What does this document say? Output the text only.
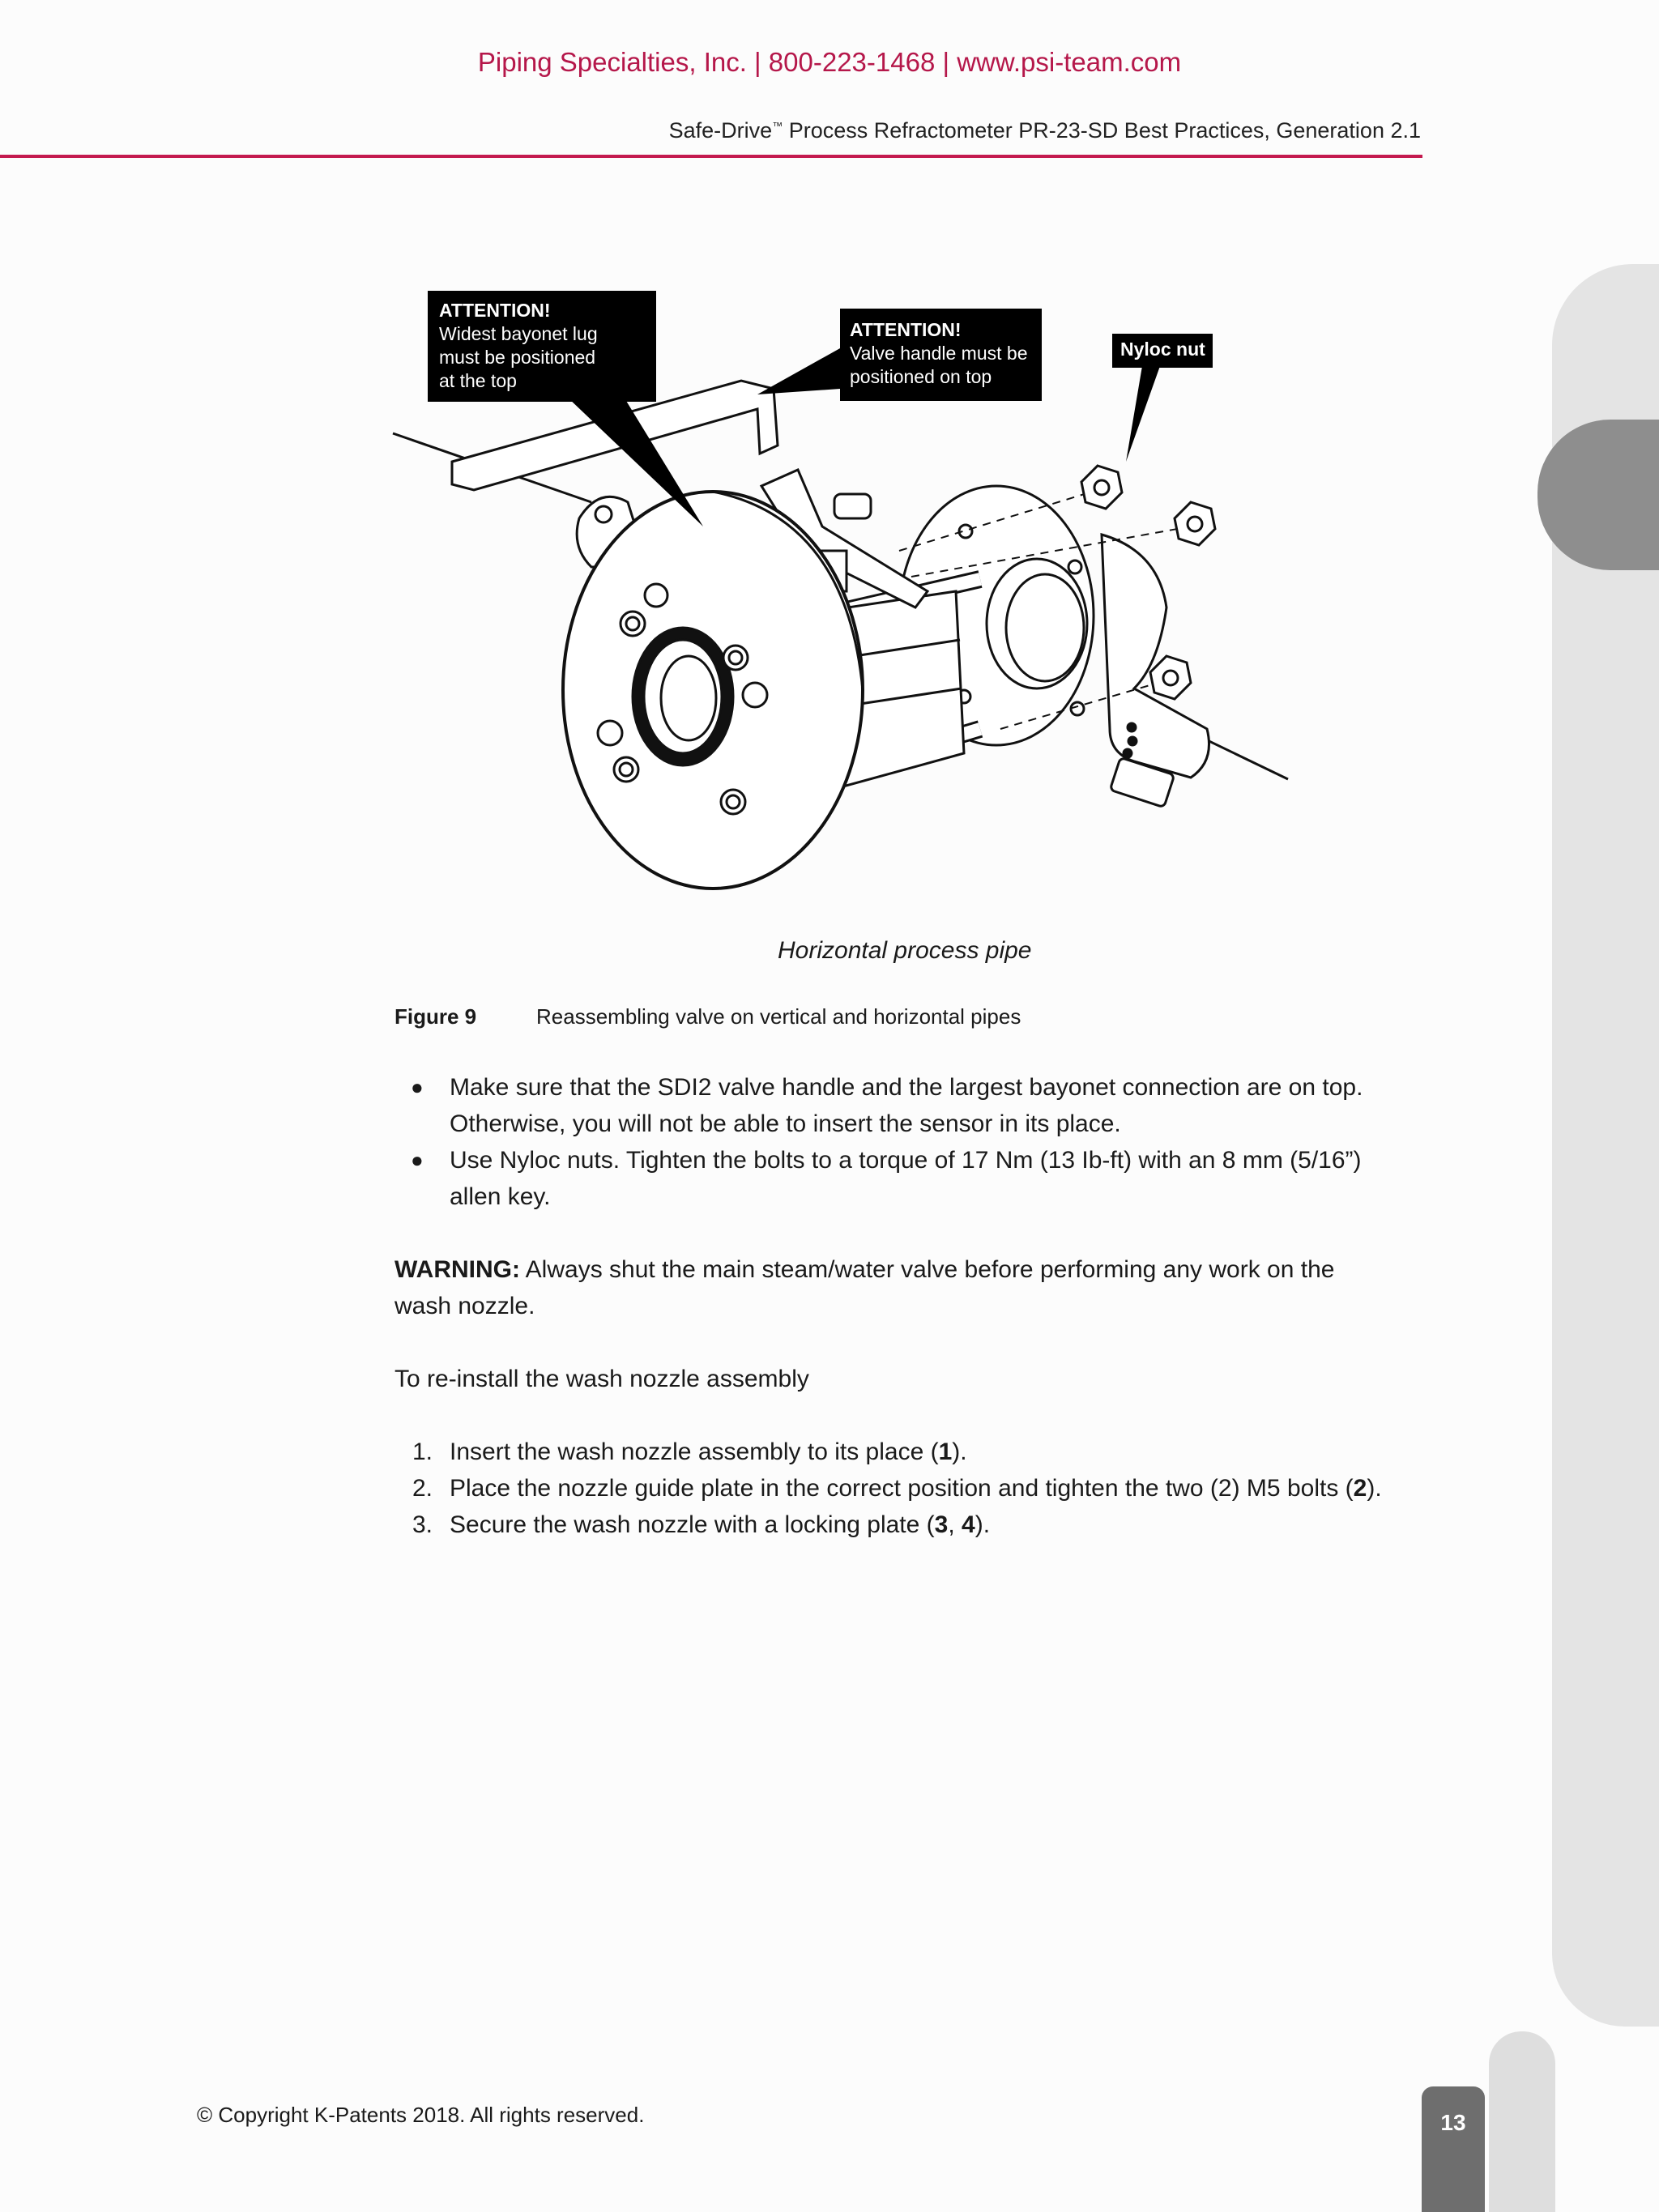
Piping Specialties, Inc. | 800-223-1468 | www.psi-team.com
Safe-Drive™ Process Refractometer PR-23-SD Best Practices, Generation 2.1
13
ATTENTION!
Widest bayonet lug
must be positioned
at the top
ATTENTION!
Valve handle must be
positioned on top
Nyloc nut
Horizontal process pipe
Figure 9	Reassembling valve on vertical and horizontal pipes
● Make sure that the SDI2 valve handle and the largest bayonet connection are on top.
Otherwise, you will not be able to insert the sensor in its place.
● Use Nyloc nuts. Tighten the bolts to a torque of 17 Nm (13 Ib-ft) with an 8 mm (5/16”)
allen key.
WARNING: Always shut the main steam/water valve before performing any work on the
wash nozzle.
To re-install the wash nozzle assembly
1. Insert the wash nozzle assembly to its place (1).
2. Place the nozzle guide plate in the correct position and tighten the two (2) M5 bolts (2).
3. Secure the wash nozzle with a locking plate (3, 4).
© Copyright K-Patents 2018. All rights reserved.
